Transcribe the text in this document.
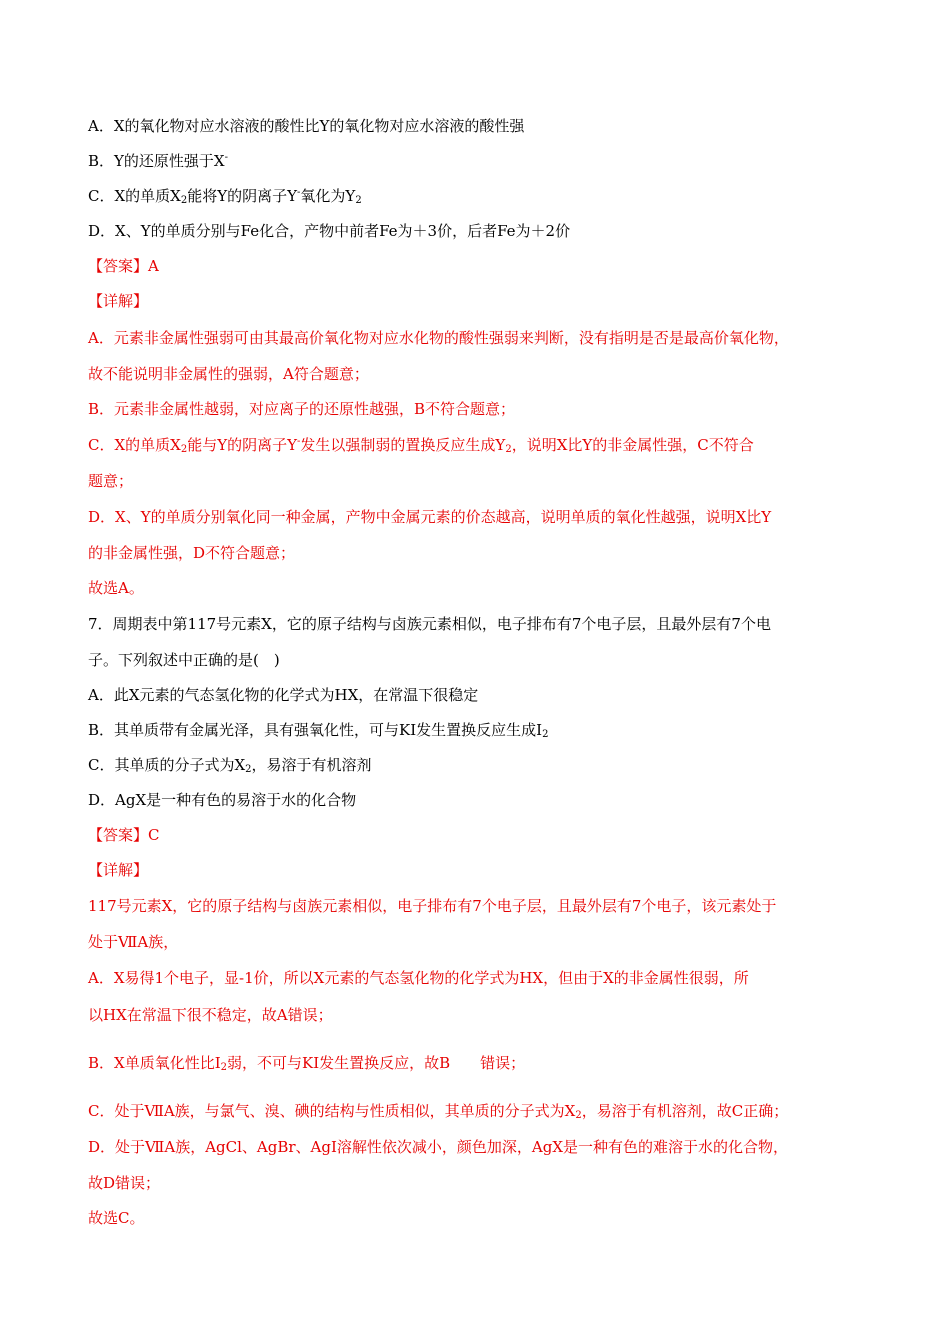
A．X的氧化物对应水溶液的酸性比Y的氧化物对应水溶液的酸性强
B．Y的还原性强于X-
C．X的单质$X_2$能将Y的阴离子Y-氧化为$Y_2$
D．X、Y的单质分别与Fe化合，产物中前者Fe为＋3价，后者Fe为＋2价
【答案】A
【详解】
A．元素非金属性强弱可由其最高价氧化物对应水化物的酸性强弱来判断，没有指明是否是最高价氧化物，
故不能说明非金属性的强弱，A符合题意；
B．元素非金属性越弱，对应离子的还原性越强，B不符合题意；
C．X的单质$X_2$能与Y的阴离子Y-发生以强制弱的置换反应生成$Y_2$，说明X比Y的非金属性强，C不符合
题意；
D．X、Y的单质分别氧化同一种金属，产物中金属元素的价态越高，说明单质的氧化性越强，说明X比Y
的非金属性强，D不符合题意；
故选A。
7．周期表中第117号元素X，它的原子结构与卤族元素相似，电子排布有7个电子层，且最外层有7个电
子。下列叙述中正确的是(　)
A．此X元素的气态氢化物的化学式为HX，在常温下很稳定
B．其单质带有金属光泽，具有强氧化性，可与KI发生置换反应生成$I_2$
C．其单质的分子式为$X_2$，易溶于有机溶剂
D．AgX是一种有色的易溶于水的化合物
【答案】C
【详解】
117号元素X，它的原子结构与卤族元素相似，电子排布有7个电子层，且最外层有7个电子，该元素处于
处于ⅦA族，
A．X易得1个电子，显-1价，所以X元素的气态氢化物的化学式为HX，但由于X的非金属性很弱，所
以HX在常温下很不稳定，故A错误；
B．X单质氧化性比$I_2$弱，不可与KI发生置换反应，故B　　错误；
C．处于ⅦA族，与氯气、溴、碘的结构与性质相似，其单质的分子式为$X_2$，易溶于有机溶剂，故C正确；
D．处于ⅦA族，AgCl、AgBr、AgI溶解性依次减小，颜色加深，AgX是一种有色的难溶于水的化合物，
故D错误；
故选C。
